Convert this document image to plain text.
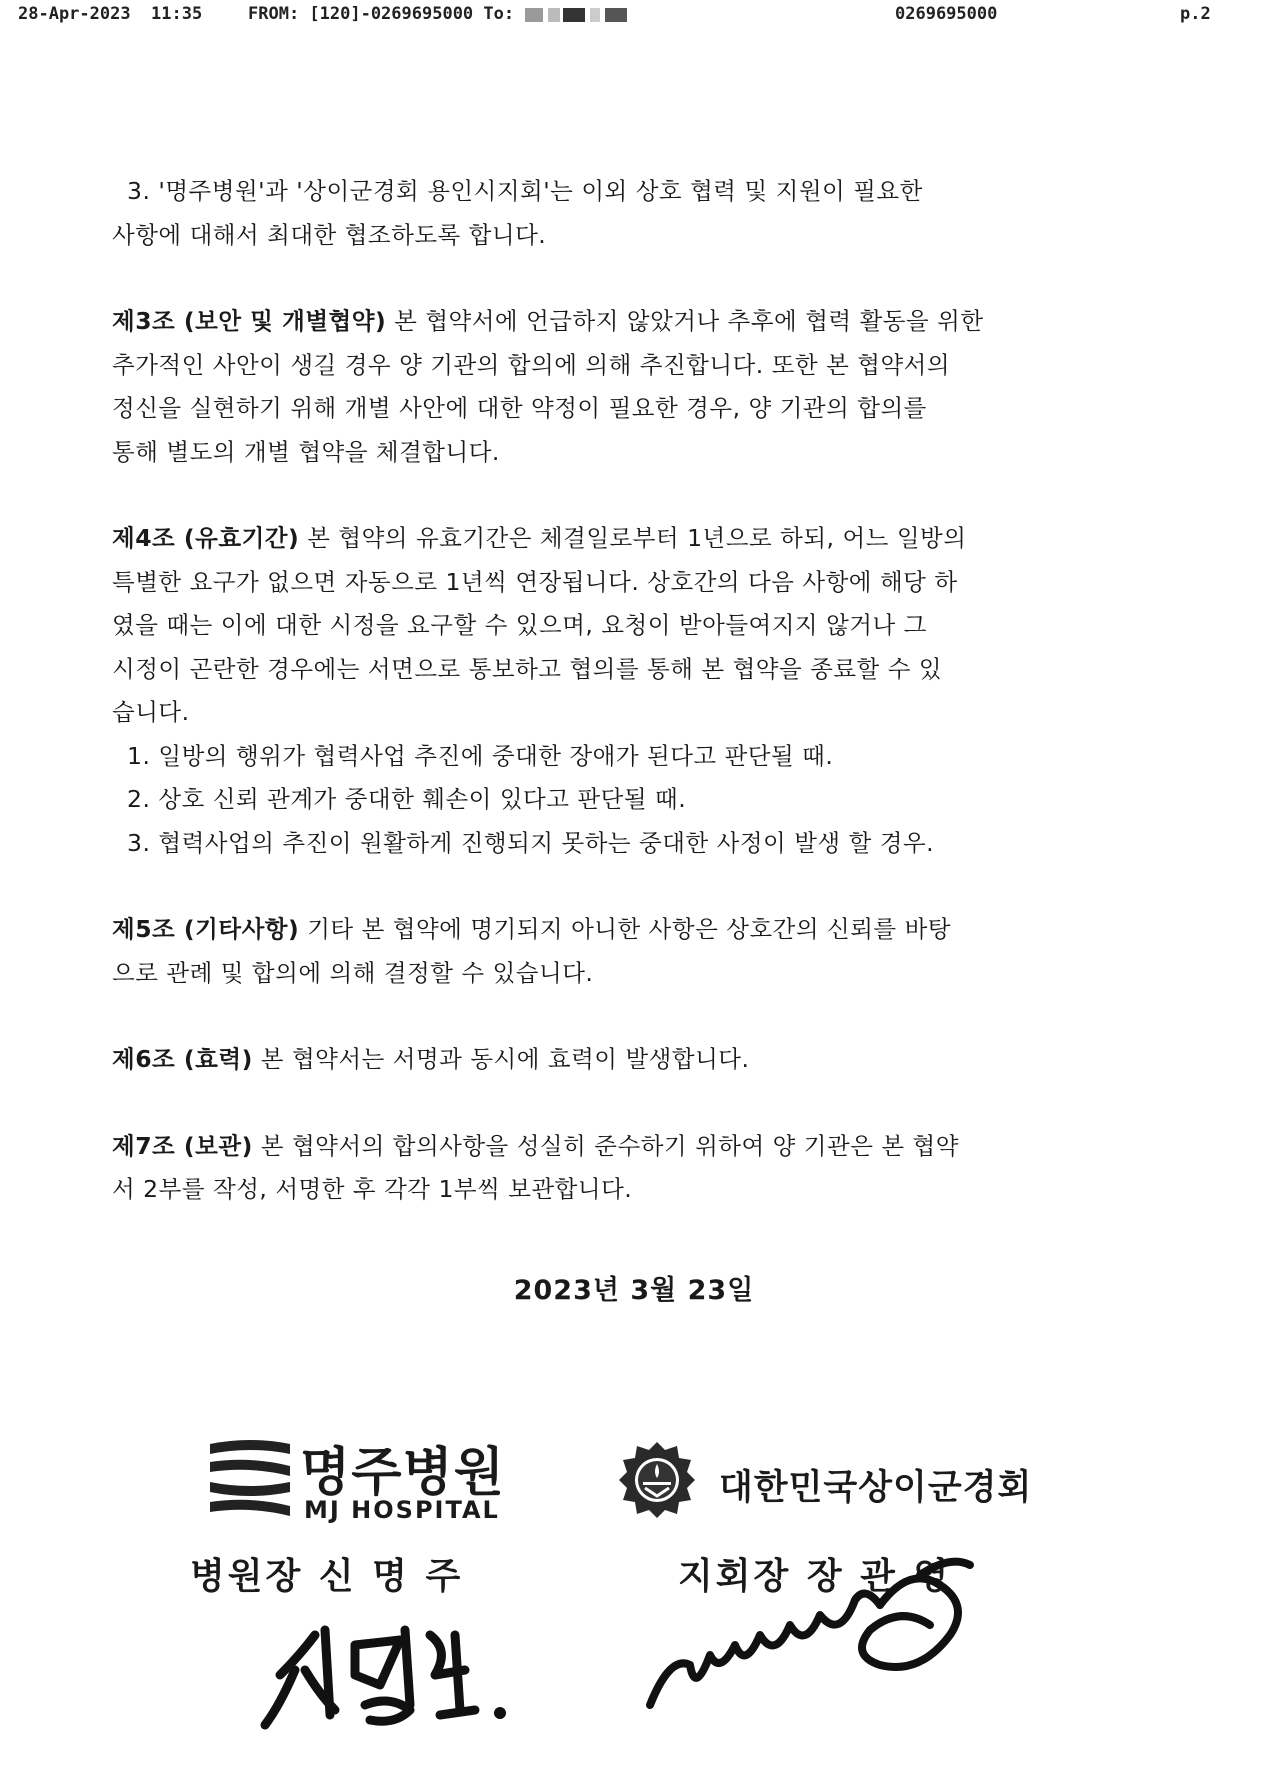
28-Apr-2023  11:35	FROM: [120]-0269695000 To:	0269695000	p.2
3. '명주병원'과 '상이군경회 용인시지회'는 이외 상호 협력 및 지원이 필요한
사항에 대해서 최대한 협조하도록 합니다.
제3조 (보안 및 개별협약) 본 협약서에 언급하지 않았거나 추후에 협력 활동을 위한
추가적인 사안이 생길 경우 양 기관의 합의에 의해 추진합니다. 또한 본 협약서의
정신을 실현하기 위해 개별 사안에 대한 약정이 필요한 경우, 양 기관의 합의를
통해 별도의 개별 협약을 체결합니다.
제4조 (유효기간) 본 협약의 유효기간은 체결일로부터 1년으로 하되, 어느 일방의
특별한 요구가 없으면 자동으로 1년씩 연장됩니다. 상호간의 다음 사항에 해당 하
였을 때는 이에 대한 시정을 요구할 수 있으며, 요청이 받아들여지지 않거나 그
시정이 곤란한 경우에는 서면으로 통보하고 협의를 통해 본 협약을 종료할 수 있
습니다.
1. 일방의 행위가 협력사업 추진에 중대한 장애가 된다고 판단될 때.
2. 상호 신뢰 관계가 중대한 훼손이 있다고 판단될 때.
3. 협력사업의 추진이 원활하게 진행되지 못하는 중대한 사정이 발생 할 경우.
제5조 (기타사항) 기타 본 협약에 명기되지 아니한 사항은 상호간의 신뢰를 바탕
으로 관례 및 합의에 의해 결정할 수 있습니다.
제6조 (효력) 본 협약서는 서명과 동시에 효력이 발생합니다.
제7조 (보관) 본 협약서의 합의사항을 성실히 준수하기 위하여 양 기관은 본 협약
서 2부를 작성, 서명한 후 각각 1부씩 보관합니다.
2023년 3월 23일
명주병원
MJ HOSPITAL
대한민국상이군경회
병원장 신 명 주	지회장 장 관 영
